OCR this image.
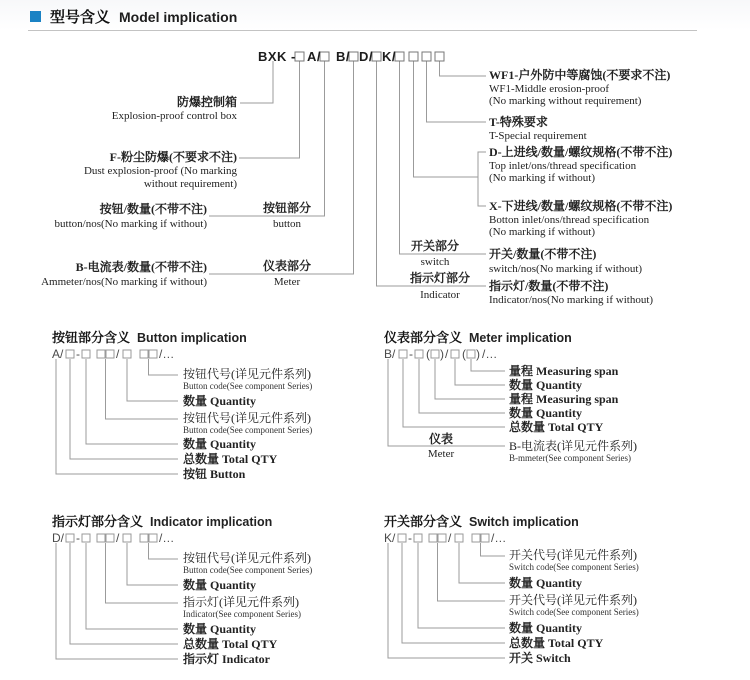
型号含义 Model implication
BXK - A/ B/ D/ K/
防爆控制箱
Explosion-proof control box
F-粉尘防爆(不要求不注)
Dust explosion-proof (No marking without requirement)
按钮/数量(不带不注)
button/nos(No marking if without)
B-电流表/数量(不带不注)
Ammeter/nos(No marking if without)
按钮部分
button
仪表部分
Meter
开关部分
switch
指示灯部分
Indicator
WF1-户外防中等腐蚀(不要求不注)
WF1-Middle erosion-proof
(No marking without requirement)
T-特殊要求
T-Special requirement
D-上进线/数量/螺纹规格(不带不注)
Top inlet/ons/thread specification
(No marking if without)
X-下进线/数量/螺纹规格(不带不注)
Botton inlet/ons/thread specification
(No marking if without)
开关/数量(不带不注)
switch/nos(No marking if without)
指示灯/数量(不带不注)
Indicator/nos(No marking if without)
按钮部分含义 Button implication
A/ -	/	/…
按钮代号(详见元件系列)
Button code(See component Series)
数量 Quantity
按钮代号(详见元件系列)
Button code(See component Series)
数量 Quantity
总数量 Total QTY
按钮 Button
仪表部分含义 Meter implication
B/ - ( ) / ( ) /…
量程 Measuring span
数量 Quantity
量程 Measuring span
数量 Quantity
总数量 Total QTY
B-电流表(详见元件系列)
B-mmeter(See component Series)
仪表
Meter
指示灯部分含义 Indicator implication
D/ -	/	/…
按钮代号(详见元件系列)
Button code(See component Series)
数量 Quantity
指示灯(详见元件系列)
Indicator(See component Series)
数量 Quantity
总数量 Total QTY
指示灯 Indicator
开关部分含义 Switch implication
K/ -	/	/…
开关代号(详见元件系列)
Switch code(See component Series)
数量 Quantity
开关代号(详见元件系列)
Switch code(See component Series)
数量 Quantity
总数量 Total QTY
开关 Switch
